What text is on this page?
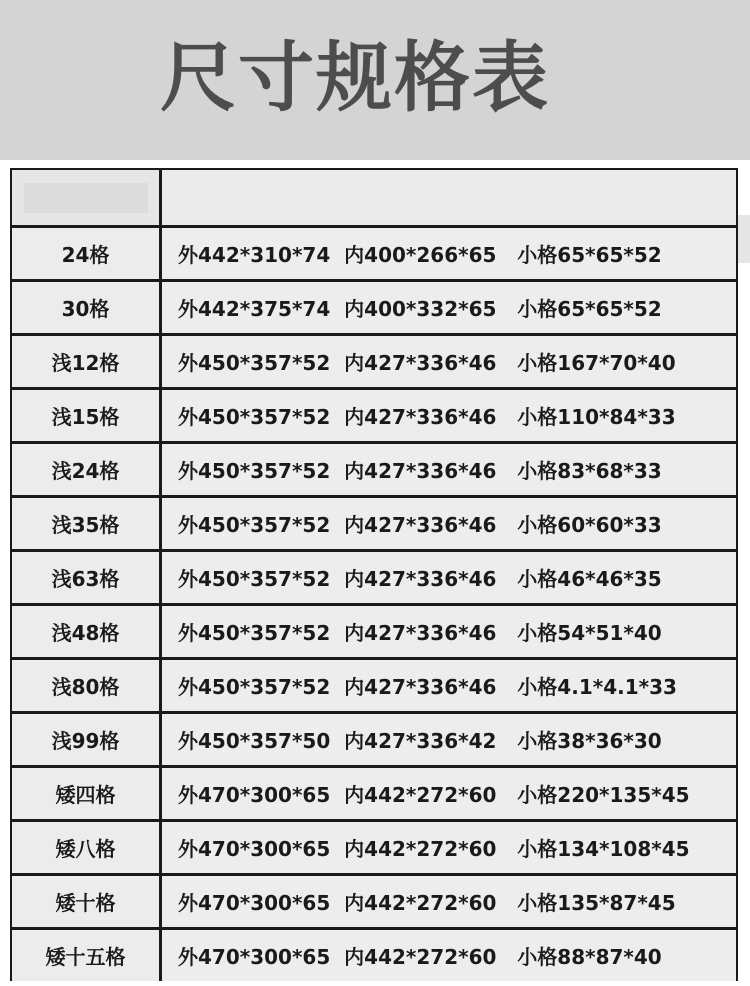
尺寸规格表
24格	外442*310*74  内400*266*65   小格65*65*52
30格	外442*375*74  内400*332*65   小格65*65*52
浅12格	外450*357*52  内427*336*46   小格167*70*40
浅15格	外450*357*52  内427*336*46   小格110*84*33
浅24格	外450*357*52  内427*336*46   小格83*68*33
浅35格	外450*357*52  内427*336*46   小格60*60*33
浅63格	外450*357*52  内427*336*46   小格46*46*35
浅48格	外450*357*52  内427*336*46   小格54*51*40
浅80格	外450*357*52  内427*336*46   小格4.1*4.1*33
浅99格	外450*357*50  内427*336*42   小格38*36*30
矮四格	外470*300*65  内442*272*60   小格220*135*45
矮八格	外470*300*65  内442*272*60   小格134*108*45
矮十格	外470*300*65  内442*272*60   小格135*87*45
矮十五格	外470*300*65  内442*272*60   小格88*87*40
